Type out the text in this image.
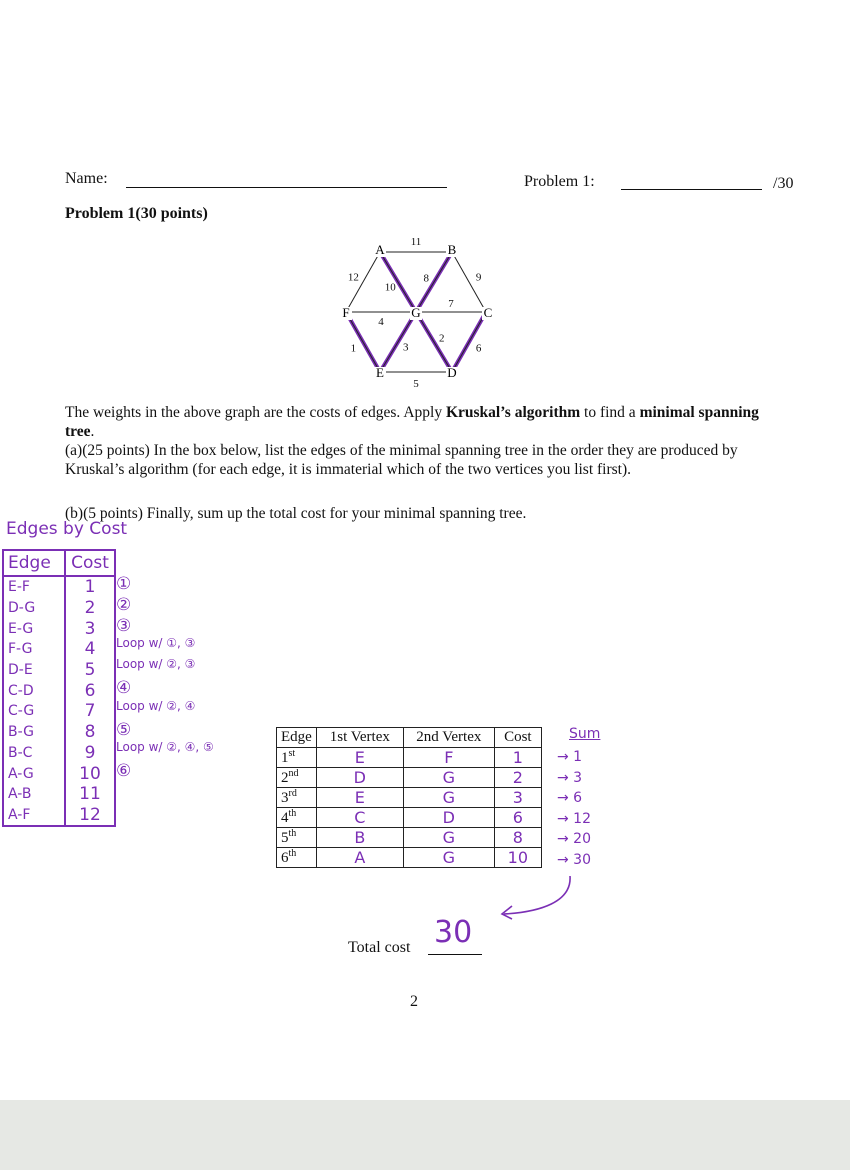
Name:	Problem 1:	/30
Problem 1(30 points)
11
9
6
5
1
12
10
8
7
2
3
4
A	B
C
D
E
F	G
The weights in the above graph are the costs of edges. Apply Kruskal’s algorithm to find a minimal spanning tree.
(a)(25 points) In the box below, list the edges of the minimal spanning tree in the order they are produced by Kruskal’s algorithm (for each edge, it is immaterial which of the two vertices you list first).
(b)(5 points) Finally, sum up the total cost for your minimal spanning tree.
Edges by Cost
Edge	Cost
E-F	1
D-G	2
E-G	3
F-G	4
D-E	5
C-D	6
C-G	7
B-G	8
B-C	9
A-G	10
A-B	11
A-F	12
①
②
③
Loop w/ ①, ③
Loop w/ ②, ③
④
Loop w/ ②, ④
⑤
Loop w/ ②, ④, ⑤
⑥
Edge	1st Vertex	2nd Vertex	Cost
1st	E	F	1
2nd	D	G	2
3rd	E	G	3
4th	C	D	6
5th	B	G	8
6th	A	G	10
Sum
→ 1
→ 3
→ 6
→ 12
→ 20
→ 30
Total cost 30
2
